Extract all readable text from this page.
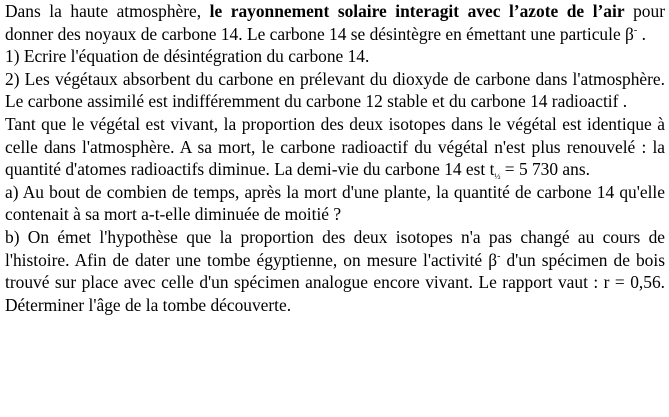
Dans la haute atmosphère, le rayonnement solaire interagit avec l’azote de l’air pour donner des noyaux de carbone 14. Le carbone 14 se désintègre en émettant une particule β- .

1) Ecrire l'équation de désintégration du carbone 14.

2) Les végétaux absorbent du carbone en prélevant du dioxyde de carbone dans l'atmosphère. Le carbone assimilé est indifféremment du carbone 12 stable et du carbone 14 radioactif .

Tant que le végétal est vivant, la proportion des deux isotopes dans le végétal est identique à celle dans l'atmosphère. A sa mort, le carbone radioactif du végétal n'est plus renouvelé : la quantité d'atomes radioactifs diminue. La demi-vie du carbone 14 est $t_{\frac{1}{2}} = 5$ 730 ans.

a) Au bout de combien de temps, après la mort d'une plante, la quantité de carbone 14 qu'elle contenait à sa mort a-t-elle diminuée de moitié ?

b) On émet l'hypothèse que la proportion des deux isotopes n'a pas changé au cours de l'histoire. Afin de dater une tombe égyptienne, on mesure l'activité β- d'un spécimen de bois trouvé sur place avec celle d'un spécimen analogue encore vivant. Le rapport vaut : r = 0,56. Déterminer l'âge de la tombe découverte.
